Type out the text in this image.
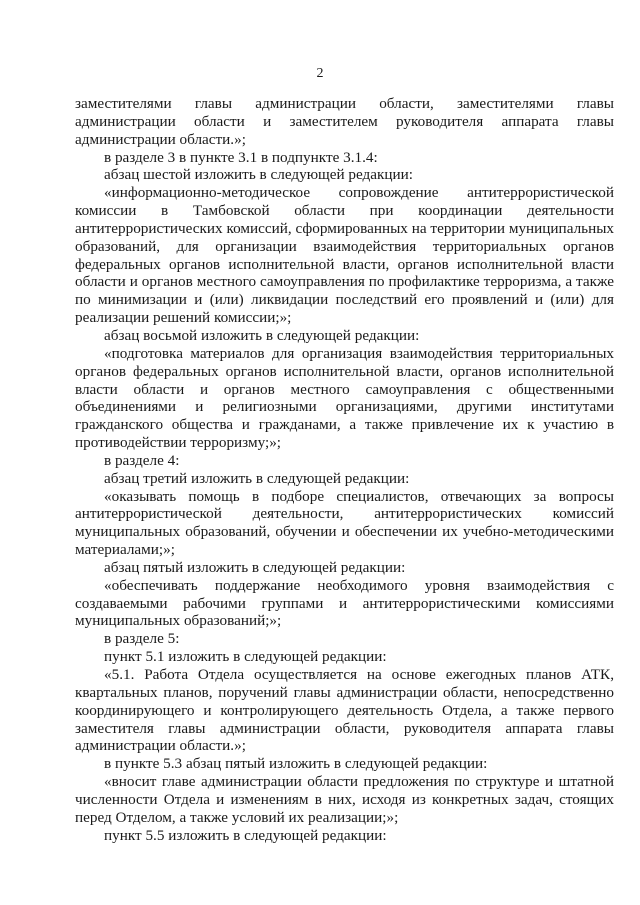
2

заместителями главы администрации области, заместителями главы администрации области и заместителем руководителя аппарата главы администрации области.»;

в разделе 3 в пункте 3.1 в подпункте 3.1.4:

абзац шестой изложить в следующей редакции:

«информационно-методическое сопровождение антитеррористической комиссии в Тамбовской области при координации деятельности антитеррористических комиссий, сформированных на территории муниципальных образований, для организации взаимодействия территориальных органов федеральных органов исполнительной власти, органов исполнительной власти области и органов местного самоуправления по профилактике терроризма, а также по минимизации и (или) ликвидации последствий его проявлений и (или) для реализации решений комиссии;»;

абзац восьмой изложить в следующей редакции:

«подготовка материалов для организация взаимодействия территориальных органов федеральных органов исполнительной власти, органов исполнительной власти области и органов местного самоуправления с общественными объединениями и религиозными организациями, другими институтами гражданского общества и гражданами, а также привлечение их к участию в противодействии терроризму;»;

в разделе 4:

абзац третий изложить в следующей редакции:

«оказывать помощь в подборе специалистов, отвечающих за вопросы антитеррористической деятельности, антитеррористических комиссий муниципальных образований, обучении и обеспечении их учебно-методическими материалами;»;

абзац пятый изложить в следующей редакции:

«обеспечивать поддержание необходимого уровня взаимодействия с создаваемыми рабочими группами и антитеррористическими комиссиями муниципальных образований;»;

в разделе 5:

пункт 5.1 изложить в следующей редакции:

«5.1. Работа Отдела осуществляется на основе ежегодных планов АТК, квартальных планов, поручений главы администрации области, непосредственно координирующего и контролирующего деятельность Отдела, а также первого заместителя главы администрации области, руководителя аппарата главы администрации области.»;

в пункте 5.3 абзац пятый изложить в следующей редакции:

«вносит главе администрации области предложения по структуре и штатной численности Отдела и изменениям в них, исходя из конкретных задач, стоящих перед Отделом, а также условий их реализации;»;

пункт 5.5 изложить в следующей редакции:
